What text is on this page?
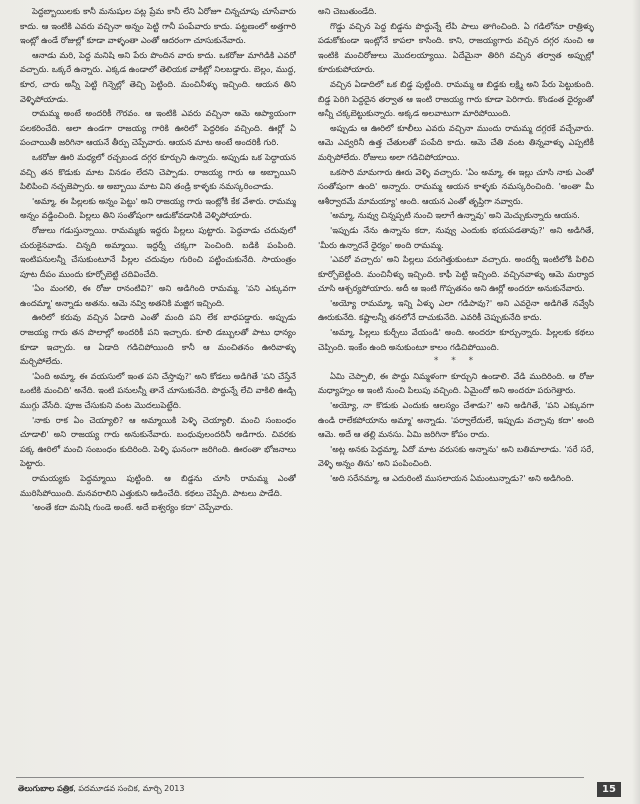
పెద్దబ్బాయిలకు కానీ మనుషుల పట్ల ప్రేమ కానీ లేని ఏరోజూ చిన్నచూపు చూసేవారు కాదు. ఆ ఇంటికి ఎవరు వచ్చినా అన్నం పెట్టి గానీ పంపేవారు కాదు. పట్టణంలో అత్తగారి ఇంట్లో ఉండే రోజుల్లో కూడా వాళ్ళంతా ఎంతో ఆదరంగా చూసుకునేవారు.

ఆనాడు మరి, పెద్ద మనిషి అని పేరు పొందిన వారు కాదు. ఒకరోజు మాగిడికి ఎవరో వచ్చారు. ఒక్కరే ఉన్నారు. ఎక్కడ ఉండాలో తెలియక వాకిట్లో నిలబడ్డారు. బెల్లం, ముద్ద, కూర, చారు అన్నీ పెట్టి గిన్నెల్లో తెచ్చి పెట్టింది. మంచినీళ్ళు ఇచ్చింది. ఆయన తిని వెళ్ళిపోయాడు.

రామమ్మ అంటే అందరికీ గౌరవం. ఆ ఇంటికి ఎవరు వచ్చినా ఆమె ఆప్యాయంగా పలకరించేది. అలా ఉండగా రాజయ్య గారికి ఊరిలో పెద్దరికం వచ్చింది. ఊర్లో ఏ పంచాయితీ జరిగినా ఆయనే తీర్పు చెప్పేవారు. ఆయన మాట అంటే అందరికీ గురి.

ఒకరోజు ఊరి మధ్యలో రచ్చబండ దగ్గర కూర్చుని ఉన్నారు. అప్పుడు ఒక పెద్దాయన వచ్చి తన కొడుకు మాట వినడం లేదని చెప్పాడు. రాజయ్య గారు ఆ అబ్బాయిని పిలిపించి నచ్చజెప్పారు. ఆ అబ్బాయి మాట విని తండ్రి కాళ్ళకు నమస్కరించాడు.

'అమ్మా, ఈ పిల్లలకు అన్నం పెట్టు' అని రాజయ్య గారు ఇంట్లోకి కేక వేశారు. రామమ్మ అన్నం వడ్డించింది. పిల్లలు తిని సంతోషంగా ఆడుకోవడానికి వెళ్ళిపోయారు.

రోజులు గడుస్తున్నాయి. రామమ్మకు ఇద్దరు పిల్లలు పుట్టారు. పెద్దవాడు చదువులో చురుకైనవాడు. చిన్నది అమ్మాయి. ఇద్దర్నీ చక్కగా పెంచింది. బడికి పంపింది. ఇంటిపనులన్నీ చేసుకుంటూనే పిల్లల చదువుల గురించి పట్టించుకునేది. సాయంత్రం పూట దీపం ముందు కూర్చోబెట్టి చదివించేది.

'ఏం మంగలి, ఈ రోజు రానంటివి?' అని అడిగింది రామమ్మ. 'పని ఎక్కువగా ఉందమ్మా' అన్నాడు అతను. ఆమె నవ్వి అతనికి మజ్జిగ ఇచ్చింది.

ఊరిలో కరువు వచ్చిన ఏడాది ఎంతో మంది పని లేక బాధపడ్డారు. అప్పుడు రాజయ్య గారు తన పొలాల్లో అందరికీ పని ఇచ్చారు. కూలి డబ్బులతో పాటు ధాన్యం కూడా ఇచ్చారు. ఆ ఏడాది గడిచిపోయింది కానీ ఆ మంచితనం ఊరివాళ్ళు మర్చిపోలేదు.

'ఏంది అమ్మా, ఈ వయసులో ఇంత పని చేస్తావు?' అని కోడలు అడిగితే 'పని చేస్తేనే ఒంటికి మంచిది' అనేది. ఇంటి పనులన్నీ తానే చూసుకునేది. పొద్దున్నే లేచి వాకిలి ఊడ్చి ముగ్గు వేసేది. పూజ చేసుకుని వంట మొదలుపెట్టేది.

'నాకు రాక ఏం చెయ్యాలి? ఆ అమ్మాయికి పెళ్ళి చెయ్యాలి. మంచి సంబంధం చూడాలి' అని రాజయ్య గారు అనుకునేవారు. బంధువులందరినీ అడిగారు. చివరకు పక్క ఊరిలో మంచి సంబంధం కుదిరింది. పెళ్ళి ఘనంగా జరిగింది. ఊరంతా భోజనాలు పెట్టారు.

రామయ్యకు పెద్దమ్మాయి పుట్టింది. ఆ బిడ్డను చూసి రామమ్మ ఎంతో మురిసిపోయింది. మనవరాలిని ఎత్తుకుని ఆడించేది. కథలు చెప్పేది. పాటలు పాడేది.

'అంతే కదా మనిషి గుండె అంటే. అదే ఐశ్వర్యం కదా' చెప్పేవారు.

అని చెబుతుండేది.

గొడ్డు వచ్చిన పెద్ద బిడ్డను పొద్దున్నే లేపి పాలు తాగించింది. ఏ గడిలోనూ రాత్రిళ్ళు పడుకోకుండా ఇంట్లోనే కాపలా కాసింది. కాని, రాజయ్యగారు వచ్చిన దగ్గర నుంచి ఆ ఇంటికి మంచిరోజులు మొదలయ్యాయి. ఏదేమైనా తిరిగి వచ్చిన తర్వాత అప్పుల్లో కూరుకుపోయారు.

వచ్చిన ఏడాదిలో ఒక బిడ్డ పుట్టింది. రామమ్మ ఆ బిడ్డకు లక్ష్మి అని పేరు పెట్టుకుంది. బిడ్డ పెరిగి పెద్దదైన తర్వాత ఆ ఇంటి రాజయ్య గారు కూడా పెరిగారు. కొండంత ధైర్యంతో అన్నీ చక్కబెట్టుకున్నారు. అక్కడ అలవాటుగా మారిపోయింది.

అప్పుడు ఆ ఊరిలో కూలీలు ఎవరు వచ్చినా ముందు రామమ్మ దగ్గరకే వచ్చేవారు. ఆమె ఎవ్వరినీ ఉత్త చేతులతో పంపేది కాదు. ఆమె చేతి వంట తిన్నవాళ్ళు ఎప్పటికీ మర్చిపోలేదు. రోజులు అలా గడిచిపోయాయి.

ఒకసారి మామగారు ఊరు వెళ్ళి వచ్చారు. 'ఏం అమ్మా, ఈ ఇల్లు చూసి నాకు ఎంతో సంతోషంగా ఉంది' అన్నారు. రామమ్మ ఆయన కాళ్ళకు నమస్కరించింది. 'అంతా మీ ఆశీర్వాదమే మామయ్యా' అంది. ఆయన ఎంతో తృప్తిగా నవ్వారు.

'అమ్మా, నువ్వు చిన్నప్పటి నుంచి ఇలాగే ఉన్నావు' అని మెచ్చుకున్నారు ఆయన.

'ఇప్పుడు నేను ఉన్నాను కదా, నువ్వు ఎందుకు భయపడతావు?' అని అడిగితే, 'మీరు ఉన్నారనే ధైర్యం' అంది రామమ్మ.

'ఎవరో వచ్చారు' అని పిల్లలు పరుగెత్తుకుంటూ వచ్చారు. అందర్నీ ఇంటిలోకి పిలిచి కూర్చోబెట్టింది. మంచినీళ్ళు ఇచ్చింది. కాఫీ పెట్టి ఇచ్చింది. వచ్చినవాళ్ళు ఆమె మర్యాద చూసి ఆశ్చర్యపోయారు. అదీ ఆ ఇంటి గొప్పతనం అని ఊర్లో అందరూ అనుకునేవారు.

'అయ్యో రామమ్మా, ఇన్ని ఏళ్ళు ఎలా గడిపావు?' అని ఎవరైనా అడిగితే నవ్వేసి ఊరుకునేది. కష్టాలన్నీ తనలోనే దాచుకునేది. ఎవరికీ చెప్పుకునేది కాదు.

'అమ్మా, పిల్లలు కుర్చీలు వేయండి' అంది. అందరూ కూర్చున్నారు. పిల్లలకు కథలు చెప్పింది. ఇంకేం ఉంది అనుకుంటూ కాలం గడిచిపోయింది.

* * *

ఏమి చెప్పాలి, ఈ పొద్దు నిమ్మళంగా కూర్చుని ఉండాలి. వేడి ముదిరింది. ఆ రోజు మధ్యాహ్నం ఆ ఇంటి నుంచి పిలుపు వచ్చింది. ఏమైందో అని అందరూ పరుగెత్తారు.

'అయ్యో, నా కొడుకు ఎందుకు ఆలస్యం చేశాడు?' అని అడిగితే, 'పని ఎక్కువగా ఉండి రాలేకపోయాను అమ్మా' అన్నాడు. 'పర్వాలేదులే, ఇప్పుడు వచ్చావు కదా' అంది ఆమె. అదే ఆ తల్లి మనసు. ఏమి జరిగినా కోపం రాదు.

'అట్ల అనకు పెద్దమ్మా, ఏదో మాట వరుసకు అన్నాను' అని బతిమాలాడు. 'సరే సరే, వెళ్ళి అన్నం తిను' అని పంపించింది.

'అది సరేనమ్మా, ఆ ఎదురింటి ముసలాయన ఏమంటున్నాడు?' అని అడిగింది.

తెలుగుబాల పత్రిక, పదమూడవ సంచిక, మార్చి 2013	15
